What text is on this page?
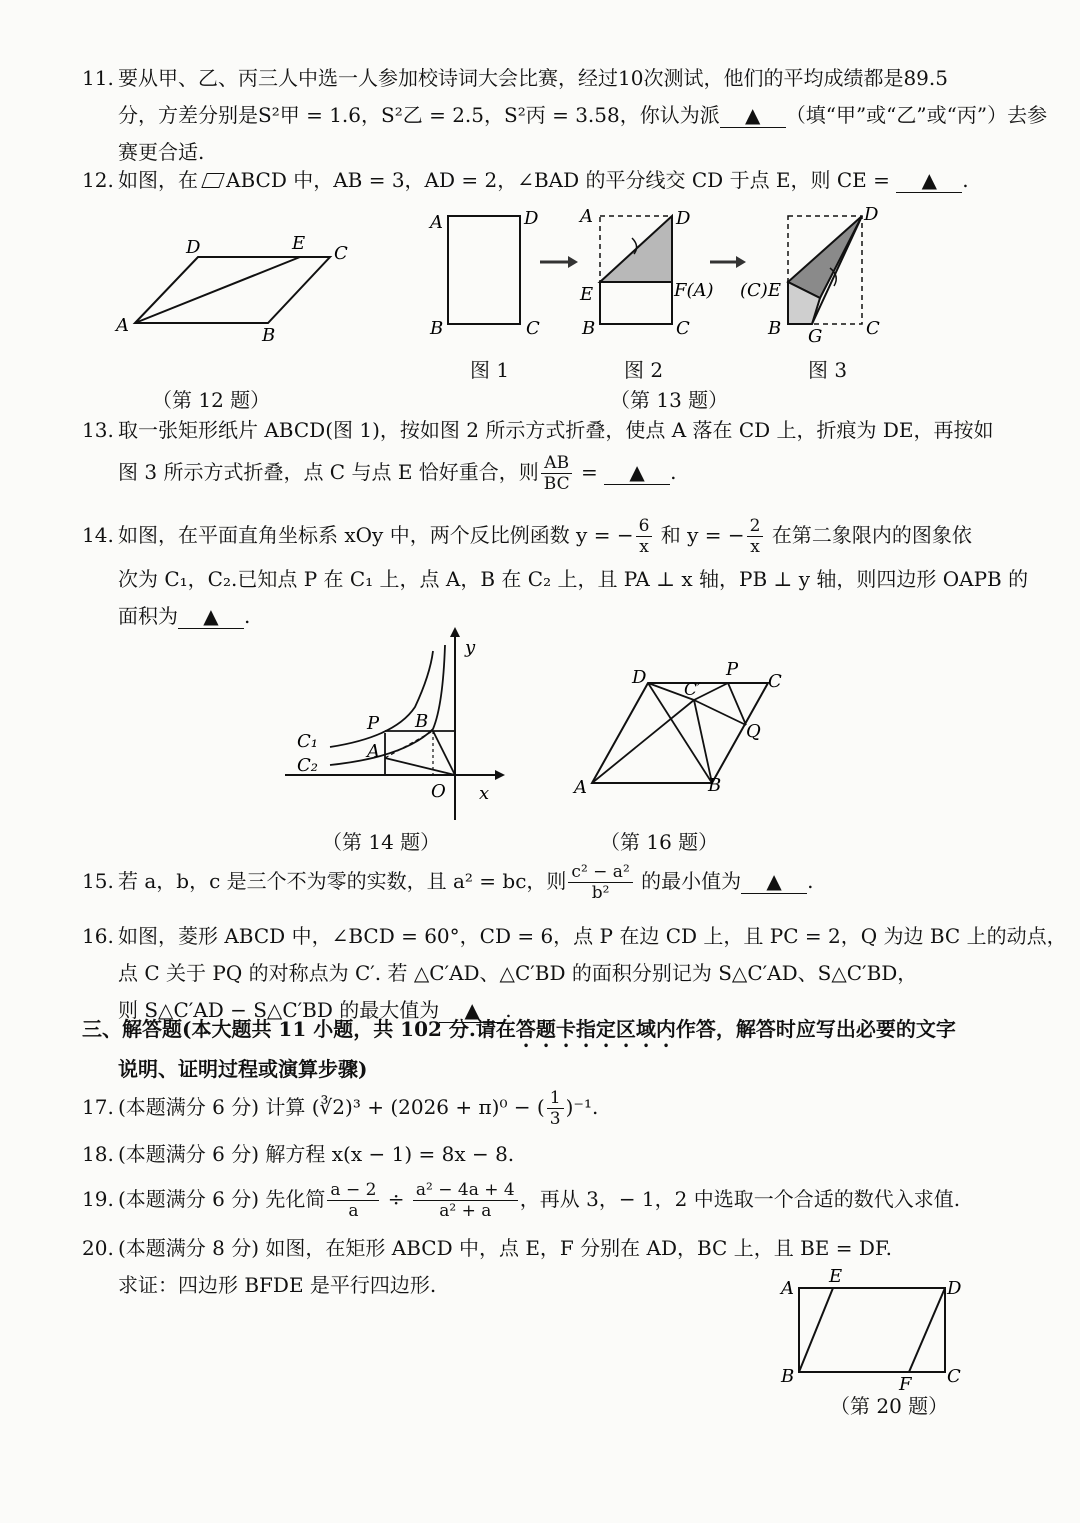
11. 要从甲、乙、丙三人中选一人参加校诗词大会比赛，经过10次测试，他们的平均成绩都是89.5
分，方差分别是S²甲 = 1.6，S²乙 = 2.5，S²丙 = 3.58，你认为派 ▲ （填“甲”或“乙”或“丙”）去参
赛更合适.
12. 如图，在 ABCD 中，AB = 3，AD = 2，∠BAD 的平分线交 CD 于点 E，则 CE = ▲ .
D	E C
A	B
（第 12 题）
A	D
B	C
A	D
E	F(A)
B	C
D
(C)E
B G C
图 1	图 2	图 3
（第 13 题）
13. 取一张矩形纸片 ABCD(图 1)，按如图 2 所示方式折叠，使点 A 落在 CD 上，折痕为 DE，再按如
图 3 所示方式折叠，点 C 与点 E 恰好重合，则 $\frac{AB}{BC}$ = ▲ .
14. 如图，在平面直角坐标系 xOy 中，两个反比例函数 y = − $\frac{6}{x}$ 和 y = − $\frac{2}{x}$ 在第二象限内的图象依
次为 C₁，C₂.已知点 P 在 C₁ 上，点 A，B 在 C₂ 上，且 PA ⊥ x 轴，PB ⊥ y 轴，则四边形 OAPB 的
面积为 ▲ .
y
P B
C₁	A
C₂
O x
（第 14 题）
D	P
C
C′
Q
A	B
（第 16 题）
15. 若 a，b，c 是三个不为零的实数，且 a² = bc，则 $\frac{\text{c² − a²}}{\text{b²}}$ 的最小值为 ▲ .
16. 如图，菱形 ABCD 中，∠BCD = 60°，CD = 6，点 P 在边 CD 上，且 PC = 2，Q 为边 BC 上的动点，
点 C 关于 PQ 的对称点为 C′. 若 △C′AD、△C′BD 的面积分别记为 S△C′AD、S△C′BD，
则 S△C′AD − S△C′BD 的最大值为 ▲ .
三、解答题(本大题共 11 小题，共 102 分.请在答题卡指定区域内作答，解答时应写出必要的文字
说明、证明过程或演算步骤)
17. (本题满分 6 分) 计算 (∛2)³ + (2026 + π)⁰ − ( $\frac{1}{3} )^{-1}$.
18. (本题满分 6 分) 解方程 x(x − 1) = 8x − 8.
19. (本题满分 6 分) 先化简 $\frac{a - 2}{a} \div \frac{\text{a² − 4a + 4}}{\text{a² + a}}$ ，再从 3，− 1，2 中选取一个合适的数代入求值.
20. (本题满分 8 分) 如图，在矩形 ABCD 中，点 E，F 分别在 AD，BC 上，且 BE = DF.
求证：四边形 BFDE 是平行四边形.	A
E
D
B	F C
（第 20 题）
